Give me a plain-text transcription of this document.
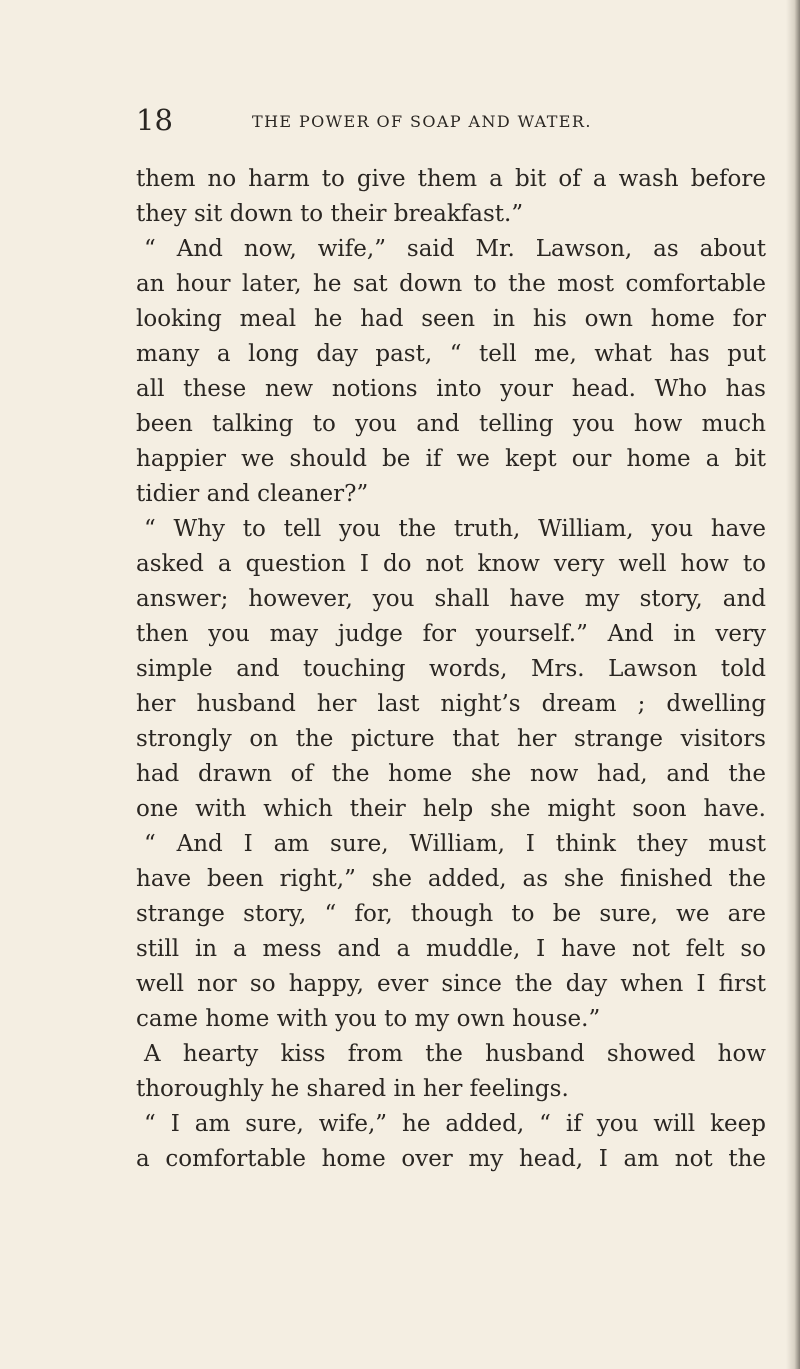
18	THE POWER OF SOAP AND WATER.
them no harm to give them a bit of a wash before
they sit down to their breakfast.”
“ And now, wife,” said Mr. Lawson, as about
an hour later, he sat down to the most comfortable
looking meal he had seen in his own home for
many a long day past, “ tell me, what has put
all these new notions into your head. Who has
been talking to you and telling you how much
happier we should be if we kept our home a bit
tidier and cleaner?”
“ Why to tell you the truth, William, you have
asked a question I do not know very well how to
answer; however, you shall have my story, and
then you may judge for yourself.” And in very
simple and touching words, Mrs. Lawson told
her husband her last night’s dream ; dwelling
strongly on the picture that her strange visitors
had drawn of the home she now had, and the
one with which their help she might soon have.
“ And I am sure, William, I think they must
have been right,” she added, as she finished the
strange story, “ for, though to be sure, we are
still in a mess and a muddle, I have not felt so
well nor so happy, ever since the day when I first
came home with you to my own house.”
A hearty kiss from the husband showed how
thoroughly he shared in her feelings.
“ I am sure, wife,” he added, “ if you will keep
a comfortable home over my head, I am not the
